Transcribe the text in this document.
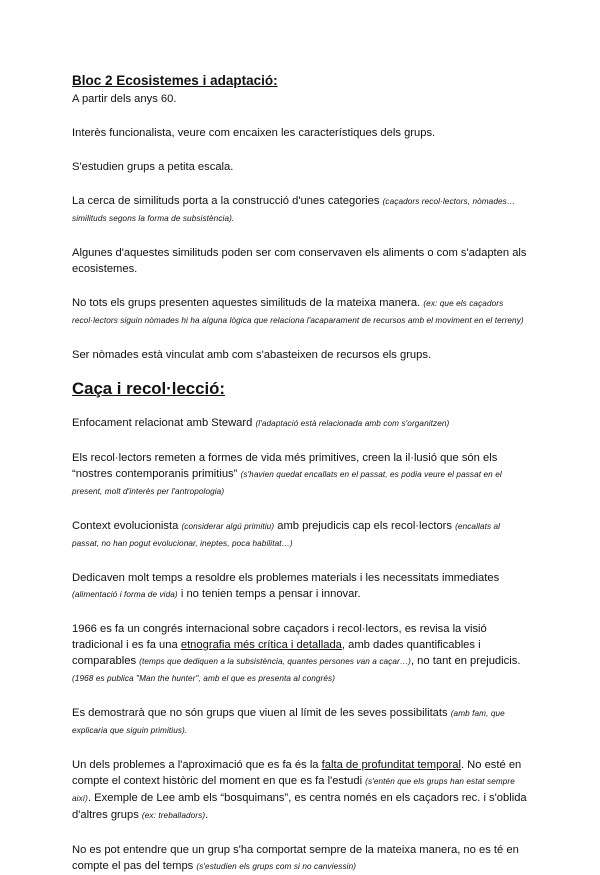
Bloc 2 Ecosistemes i adaptació:

A partir dels anys 60.

Interès funcionalista, veure com encaixen les característiques dels grups.

S'estudien grups a petita escala.

La cerca de similituds porta a la construcció d'unes categories (caçadors recol·lectors, nòmades… similituds segons la forma de subsistència).

Algunes d'aquestes similituds poden ser com conservaven els aliments o com s'adapten als ecosistemes.

No tots els grups presenten aquestes similituds de la mateixa manera. (ex: que els caçadors recol·lectors siguin nòmades hi ha alguna lògica que relaciona l'acaparament de recursos amb el moviment en el terreny)

Ser nòmades està vinculat amb com s'abasteixen de recursos els grups.

Caça i recol·lecció:

Enfocament relacionat amb Steward (l'adaptació està relacionada amb com s'organitzen)

Els recol·lectors remeten a formes de vida més primitives, creen la il·lusió que són els “nostres contemporanis primitius” (s'havien quedat encallats en el passat, es podia veure el passat en el present, molt d'interès per l'antropologia)

Context evolucionista (considerar algú primitiu) amb prejudicis cap els recol·lectors (encallats al passat, no han pogut evolucionar, ineptes, poca habilitat…)

Dedicaven molt temps a resoldre els problemes materials i les necessitats immediates (alimentació i forma de vida) i no tenien temps a pensar i innovar.

1966 es fa un congrés internacional sobre caçadors i recol·lectors, es revisa la visió tradicional i es fa una etnografia més crítica i detallada, amb dades quantificables i comparables (temps que dediquen a la subsistència, quantes persones van a caçar…), no tant en prejudicis.(1968 es publica "Man the hunter", amb el que es presenta al congrés)

Es demostrarà que no són grups que viuen al límit de les seves possibilitats (amb fam, que explicaria que siguin primitius).

Un dels problemes a l'aproximació que es fa és la falta de profunditat temporal. No esté en compte el context històric del moment en que es fa l'estudi (s'entén que els grups han estat sempre així). Exemple de Lee amb els “bosquimans”, es centra només en els caçadors rec. i s'oblida d'altres grups (ex: treballadors).

No es pot entendre que un grup s'ha comportat sempre de la mateixa manera, no es té en compte el pas del temps (s'estudien els grups com si no canviessin)
